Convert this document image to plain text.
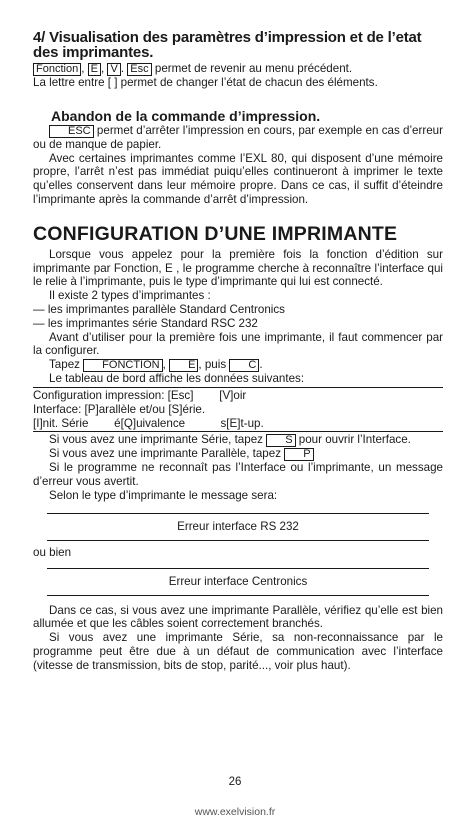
4/ Visualisation des paramètres d’impression et de l’etat des imprimantes.

Fonction , E , V . Esc permet de revenir au menu précédent.

La lettre entre [ ] permet de changer l’état de chacun des éléments.

Abandon de la commande d’impression.

ESC permet d’arrêter l’impression en cours, par exemple en cas d’erreur ou de manque de papier.

Avec certaines imprimantes comme l’EXL 80, qui disposent d’une mémoire propre, l’arrêt n’est pas immédiat puiqu’elles continueront à imprimer le texte qu’elles conservent dans leur mémoire propre. Dans ce cas, il suffit d’éteindre l’imprimante après la commande d’arrêt d’impression.

CONFIGURATION D’UNE IMPRIMANTE

Lorsque vous appelez pour la première fois la fonction d’édition sur imprimante par Fonction, E , le programme cherche à reconnaître l’interface qui le relie à l’imprimante, puis le type d’imprimante qui lui est connecté.

Il existe 2 types d’imprimantes :

— les imprimantes parallèle Standard Centronics

— les imprimantes série Standard RSC 232

Avant d’utiliser pour la première fois une imprimante, il faut commencer par la configurer.

Tapez FONCTION , E , puis C .

Le tableau de bord affiche les données suivantes:

Configuration impression: [Esc]        [V]oir

Interface: [P]arallèle et/ou [S]érie.

[I]nit. Série        é[Q]uivalence           s[E]t-up.

Si vous avez une imprimante Série, tapez S pour ouvrir l’Interface.

Si vous avez une imprimante Parallèle, tapez P

Si le programme ne reconnaît pas l’Interface ou l’imprimante, un message d’erreur vous avertit.

Selon le type d’imprimante le message sera:

Erreur interface RS 232

ou bien

Erreur interface Centronics

Dans ce cas, si vous avez une imprimante Parallèle, vérifiez qu’elle est bien allumée et que les câbles soient correctement branchés.

Si vous avez une imprimante Série, sa non-reconnaissance par le programme peut être due à un défaut de communication avec l’interface (vitesse de transmission, bits de stop, parité..., voir plus haut).

26
www.exelvision.fr
